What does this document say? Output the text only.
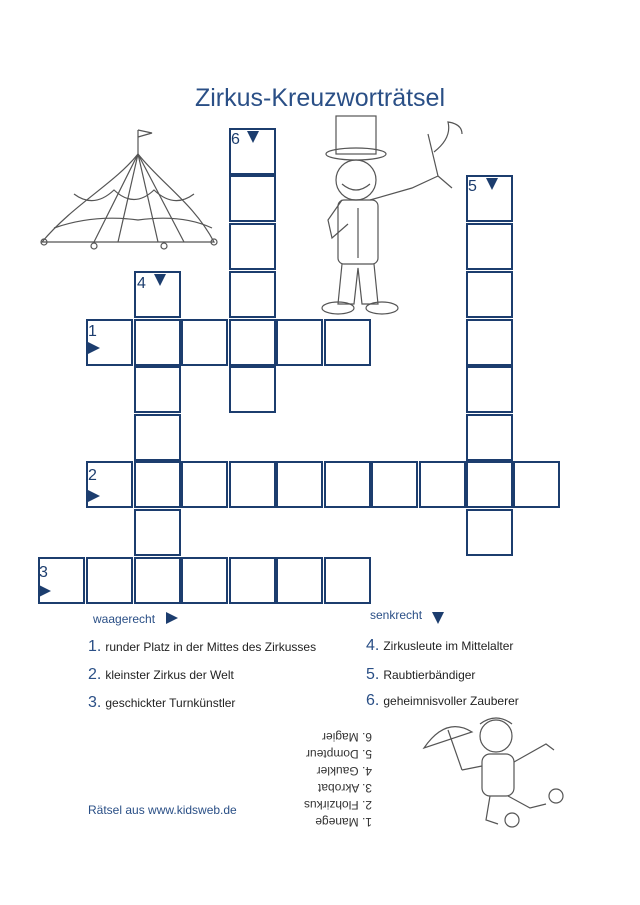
Zirkus-Kreuzworträtsel
6
5
4
1
2
3
waagerecht	senkrecht
1. runder Platz in der Mittes des Zirkusses
2. kleinster Zirkus der Welt
3. geschickter Turnkünstler
4. Zirkusleute im Mittelalter
5. Raubtierbändiger
6. geheimnisvoller Zauberer
1. Manege
2. Flohzirkus
3. Akrobat
4. Gaukler
5. Dompteur
6. Magier
Rätsel aus www.kidsweb.de
